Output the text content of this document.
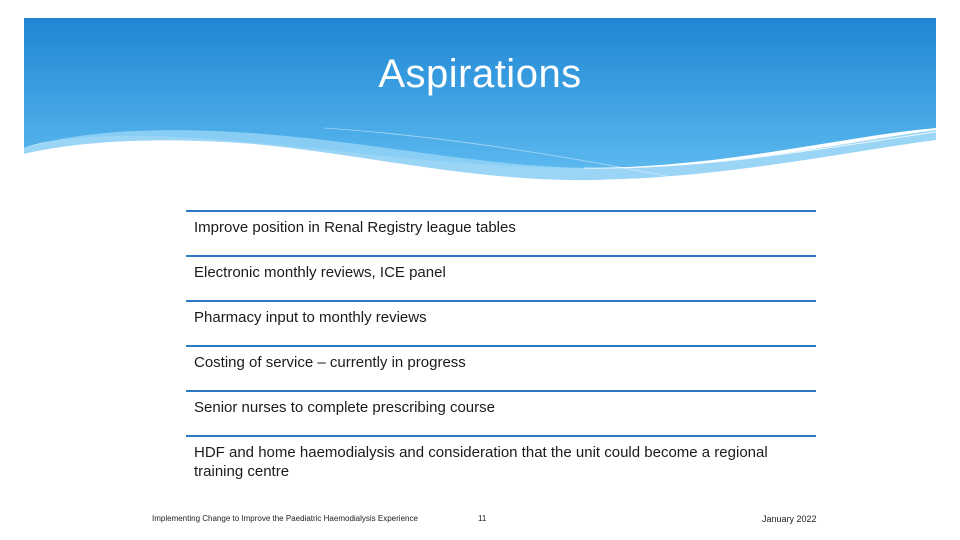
Aspirations
Improve position in Renal Registry league tables
Electronic monthly reviews, ICE panel
Pharmacy input to monthly reviews
Costing of service – currently in progress
Senior nurses to complete prescribing course
HDF and home haemodialysis and consideration that the unit could become a regional training centre
Implementing Change to Improve the Paediatric Haemodialysis Experience	11	January 2022
